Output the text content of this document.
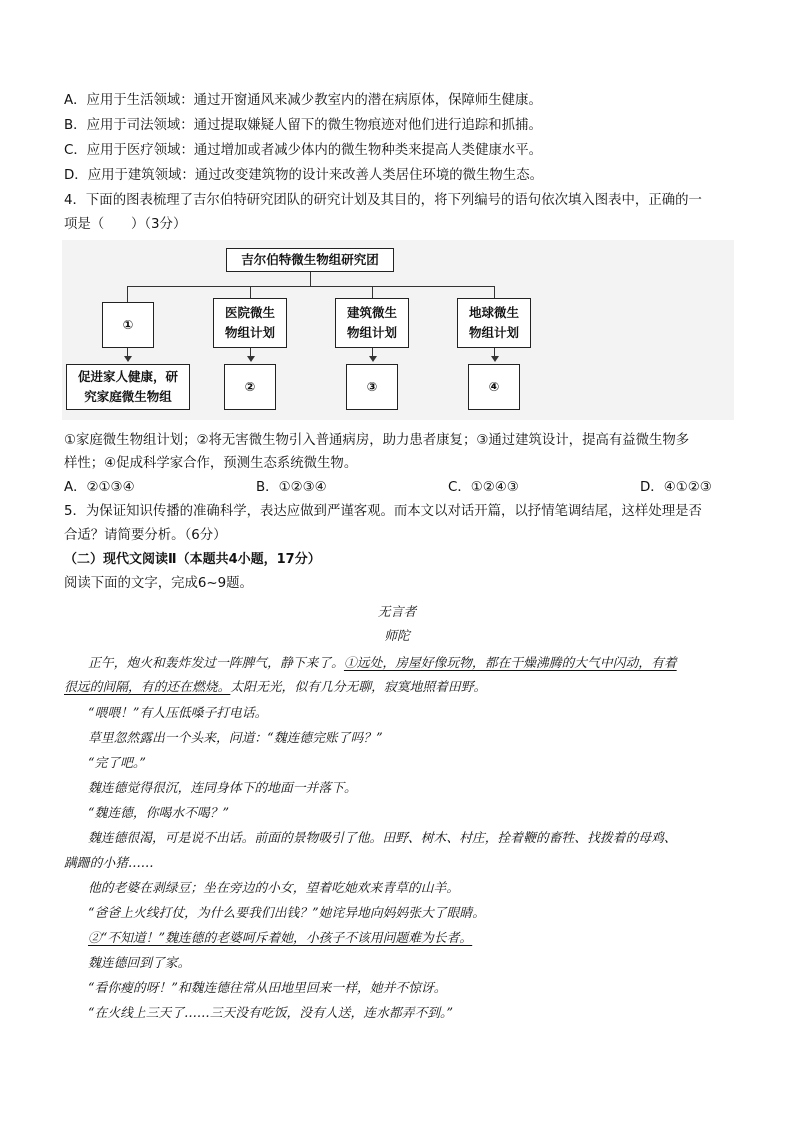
A．应用于生活领域：通过开窗通风来减少教室内的潜在病原体，保障师生健康。
B．应用于司法领域：通过提取嫌疑人留下的微生物痕迹对他们进行追踪和抓捕。
C．应用于医疗领域：通过增加或者减少体内的微生物种类来提高人类健康水平。
D．应用于建筑领域：通过改变建筑物的设计来改善人类居住环境的微生物生态。
4．下面的图表梳理了吉尔伯特研究团队的研究计划及其目的，将下列编号的语句依次填入图表中，正确的一
项是（　　）（3分）
吉尔伯特微生物组研究团
①
促进家人健康，研
究家庭微生物组
医院微生
物组计划
②
建筑微生
物组计划
③
地球微生
物组计划
④
①家庭微生物组计划；②将无害微生物引入普通病房，助力患者康复；③通过建筑设计，提高有益微生物多
样性；④促成科学家合作，预测生态系统微生物。
A．②①③④	B．①②③④	C．①②④③	D．④①②③
5．为保证知识传播的准确科学，表达应做到严谨客观。而本文以对话开篇，以抒情笔调结尾，这样处理是否
合适？请简要分析。（6分）
（二）现代文阅读Ⅱ（本题共4小题，17分）
阅读下面的文字，完成6~9题。
无言者
师陀
正午，炮火和轰炸发过一阵脾气，静下来了。①远处，房屋好像玩物，都在干燥沸腾的大气中闪动，有着
很远的间隔，有的还在燃烧。太阳无光，似有几分无聊，寂寞地照着田野。
“喂喂！”有人压低嗓子打电话。
草里忽然露出一个头来，问道：“魏连德完账了吗？”
“完了吧。”
魏连德觉得很沉，连同身体下的地面一并落下。
“魏连德，你喝水不喝？”
魏连德很渴，可是说不出话。前面的景物吸引了他。田野、树木、村庄，拴着鞭的畜牲、找拨着的母鸡、
蹒跚的小猪……
他的老婆在剥绿豆；坐在旁边的小女，望着吃她欢来青草的山羊。
“爸爸上火线打仗，为什么要我们出钱？”她诧异地向妈妈张大了眼睛。
②“不知道！”魏连德的老婆呵斥着她，小孩子不该用问题难为长者。
魏连德回到了家。
“看你瘦的呀！”和魏连德往常从田地里回来一样，她并不惊讶。
“在火线上三天了……三天没有吃饭，没有人送，连水都弄不到。”
